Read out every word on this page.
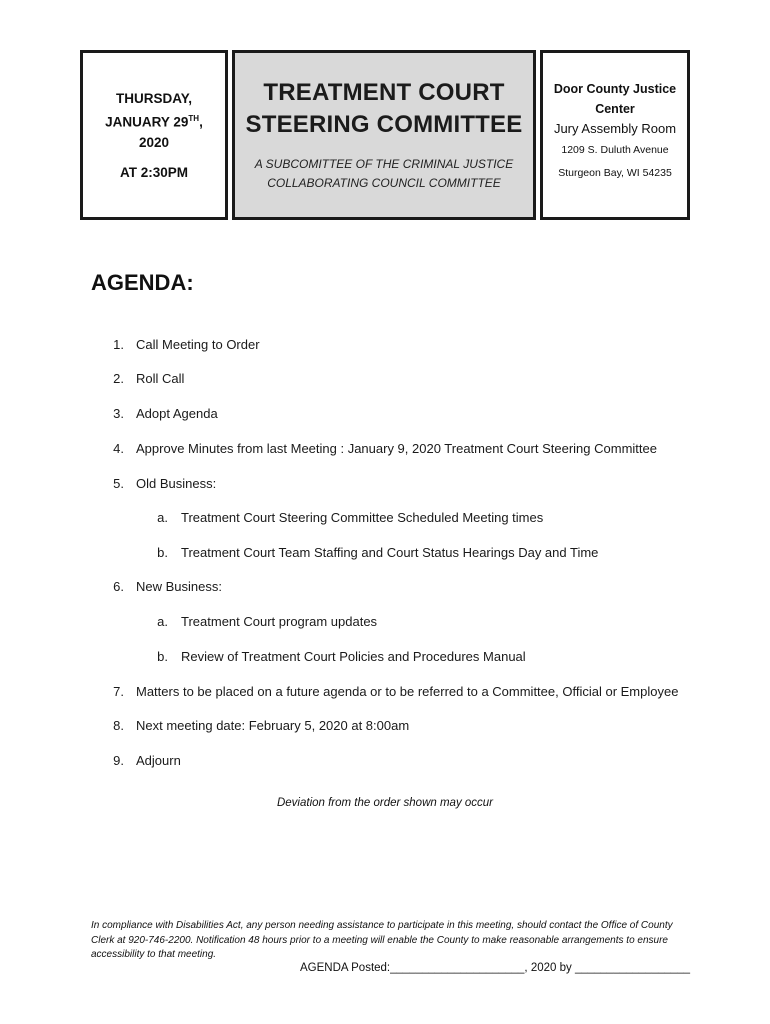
THURSDAY,
JANUARY 29TH,
2020
AT 2:30PM
TREATMENT COURT
STEERING COMMITTEE
A SUBCOMITTEE OF THE CRIMINAL JUSTICE
COLLABORATING COUNCIL COMMITTEE
Door County Justice
Center
Jury Assembly Room
1209 S. Duluth Avenue
Sturgeon Bay, WI 54235
AGENDA:
1. Call Meeting to Order
2. Roll Call
3. Adopt Agenda
4. Approve Minutes from last Meeting : January 9, 2020 Treatment Court Steering Committee
5. Old Business:
a. Treatment Court Steering Committee Scheduled Meeting times
b. Treatment Court Team Staffing and Court Status Hearings Day and Time
6. New Business:
a. Treatment Court program updates
b. Review of Treatment Court Policies and Procedures Manual
7. Matters to be placed on a future agenda or to be referred to a Committee, Official or Employee
8. Next meeting date: February 5, 2020 at 8:00am
9. Adjourn
Deviation from the order shown may occur
In compliance with Disabilities Act, any person needing assistance to participate in this meeting, should contact the Office of County Clerk at 920-746-2200. Notification 48 hours prior to a meeting will enable the County to make reasonable arrangements to ensure accessibility to that meeting.
AGENDA Posted:_____________________, 2020 by __________________
